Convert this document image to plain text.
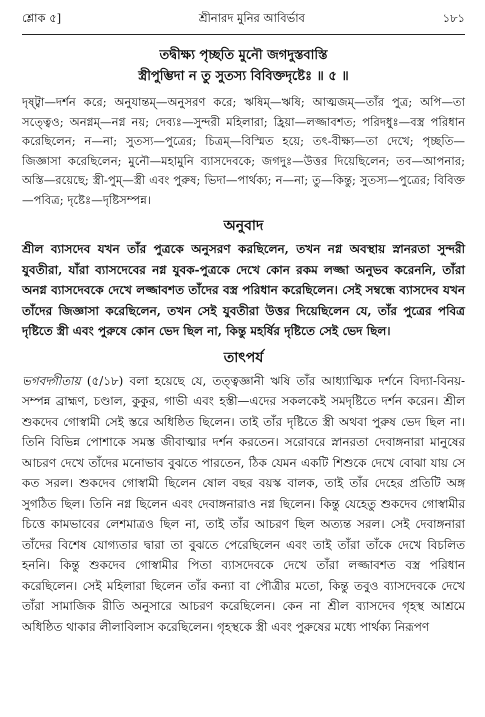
শ্লোক ৫]	শ্রীনারদ মুনির আবির্ভাব	১৮১
তদ্বীক্ষ্য পৃচ্ছতি মুনৌ জগদুস্তবাস্তি
স্ত্রীপুম্ভিদা ন তু সুতস্য বিবিক্তদৃষ্টেঃ ॥ ৫ ॥
দৃষ্ট্বা—দর্শন করে; অনুযান্তম্—অনুসরণ করে; ঋষিম্—ঋষি; আত্মজম্—তাঁর পুত্র; অপি—তা সত্ত্বেও; অনগ্নম্—নগ্ন নয়; দেব্যঃ—সুন্দরী মহিলারা; হ্রিয়া—লজ্জাবশত; পরিদধুঃ—বস্ত্র পরিধান করেছিলেন; ন—না; সুতস্য—পুত্রের; চিত্রম্—বিস্মিত হয়ে; তৎ-বীক্ষ্য—তা দেখে; পৃচ্ছতি—জিজ্ঞাসা করেছিলেন; মুনৌ—মহামুনি ব্যাসদেবকে; জগদুঃ—উত্তর দিয়েছিলেন; তব—আপনার; অস্তি—রয়েছে; স্ত্রী-পুম্—স্ত্রী এবং পুরুষ; ভিদা—পার্থক্য; ন—না; তু—কিন্তু; সুতস্য—পুত্রের; বিবিক্ত—পবিত্র; দৃষ্টেঃ—দৃষ্টিসম্পন্ন।
অনুবাদ
শ্রীল ব্যাসদেব যখন তাঁর পুত্রকে অনুসরণ করছিলেন, তখন নগ্ন অবস্থায় স্নানরতা সুন্দরী যুবতীরা, যাঁরা ব্যাসদেবের নগ্ন যুবক-পুত্রকে দেখে কোন রকম লজ্জা অনুভব করেননি, তাঁরা অনগ্ন ব্যাসদেবকে দেখে লজ্জাবশত তাঁদের বস্ত্র পরিধান করেছিলেন। সেই সম্বন্ধে ব্যাসদেব যখন তাঁদের জিজ্ঞাসা করেছিলেন, তখন সেই যুবতীরা উত্তর দিয়েছিলেন যে, তাঁর পুত্রের পবিত্র দৃষ্টিতে স্ত্রী এবং পুরুষে কোন ভেদ ছিল না, কিন্তু মহর্ষির দৃষ্টিতে সেই ভেদ ছিল।
তাৎপর্য
ভগবদ্গীতায় (৫/১৮) বলা হয়েছে যে, তত্ত্বজ্ঞানী ঋষি তাঁর আধ্যাত্মিক দর্শনে বিদ্যা-বিনয়-সম্পন্ন ব্রাহ্মণ, চণ্ডাল, কুকুর, গাভী এবং হস্তী—এদের সকলকেই সমদৃষ্টিতে দর্শন করেন। শ্রীল শুকদেব গোস্বামী সেই স্তরে অধিষ্ঠিত ছিলেন। তাই তাঁর দৃষ্টিতে স্ত্রী অথবা পুরুষ ভেদ ছিল না। তিনি বিভিন্ন পোশাকে সমস্ত জীবাত্মার দর্শন করতেন। সরোবরে স্নানরতা দেবাঙ্গনারা মানুষের আচরণ দেখে তাঁদের মনোভাব বুঝতে পারতেন, ঠিক যেমন একটি শিশুকে দেখে বোঝা যায় সে কত সরল। শুকদেব গোস্বামী ছিলেন ষোল বছর বয়স্ক বালক, তাই তাঁর দেহের প্রতিটি অঙ্গ সুগঠিত ছিল। তিনি নগ্ন ছিলেন এবং দেবাঙ্গনারাও নগ্ন ছিলেন। কিন্তু যেহেতু শুকদেব গোস্বামীর চিত্তে কামভাবের লেশমাত্রও ছিল না, তাই তাঁর আচরণ ছিল অত্যন্ত সরল। সেই দেবাঙ্গনারা তাঁদের বিশেষ যোগ্যতার দ্বারা তা বুঝতে পেরেছিলেন এবং তাই তাঁরা তাঁকে দেখে বিচলিত হননি। কিন্তু শুকদেব গোস্বামীর পিতা ব্যাসদেবকে দেখে তাঁরা লজ্জাবশত বস্ত্র পরিধান করেছিলেন। সেই মহিলারা ছিলেন তাঁর কন্যা বা পৌত্রীর মতো, কিন্তু তবুও ব্যাসদেবকে দেখে তাঁরা সামাজিক রীতি অনুসারে আচরণ করেছিলেন। কেন না শ্রীল ব্যাসদেব গৃহস্থ আশ্রমে অধিষ্ঠিত থাকার লীলাবিলাস করেছিলেন। গৃহস্থকে স্ত্রী এবং পুরুষের মধ্যে পার্থক্য নিরূপণ
